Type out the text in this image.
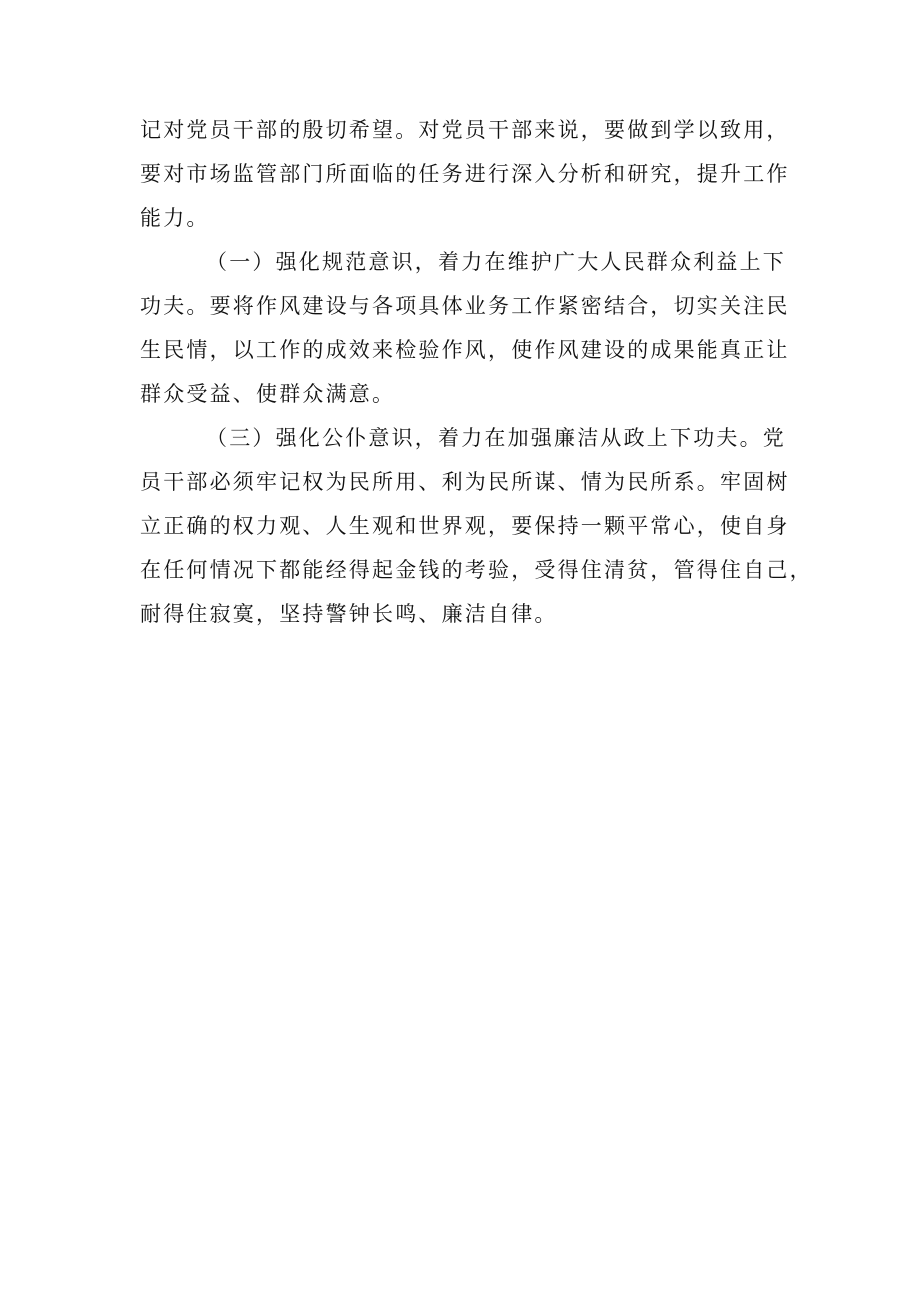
记对党员干部的殷切希望。对党员干部来说，要做到学以致用，
要对市场监管部门所面临的任务进行深入分析和研究，提升工作
能力。
（一）强化规范意识，着力在维护广大人民群众利益上下
功夫。要将作风建设与各项具体业务工作紧密结合，切实关注民
生民情，以工作的成效来检验作风，使作风建设的成果能真正让
群众受益、使群众满意。
（三）强化公仆意识，着力在加强廉洁从政上下功夫。党
员干部必须牢记权为民所用、利为民所谋、情为民所系。牢固树
立正确的权力观、人生观和世界观，要保持一颗平常心，使自身
在任何情况下都能经得起金钱的考验，受得住清贫，管得住自己，
耐得住寂寞，坚持警钟长鸣、廉洁自律。
